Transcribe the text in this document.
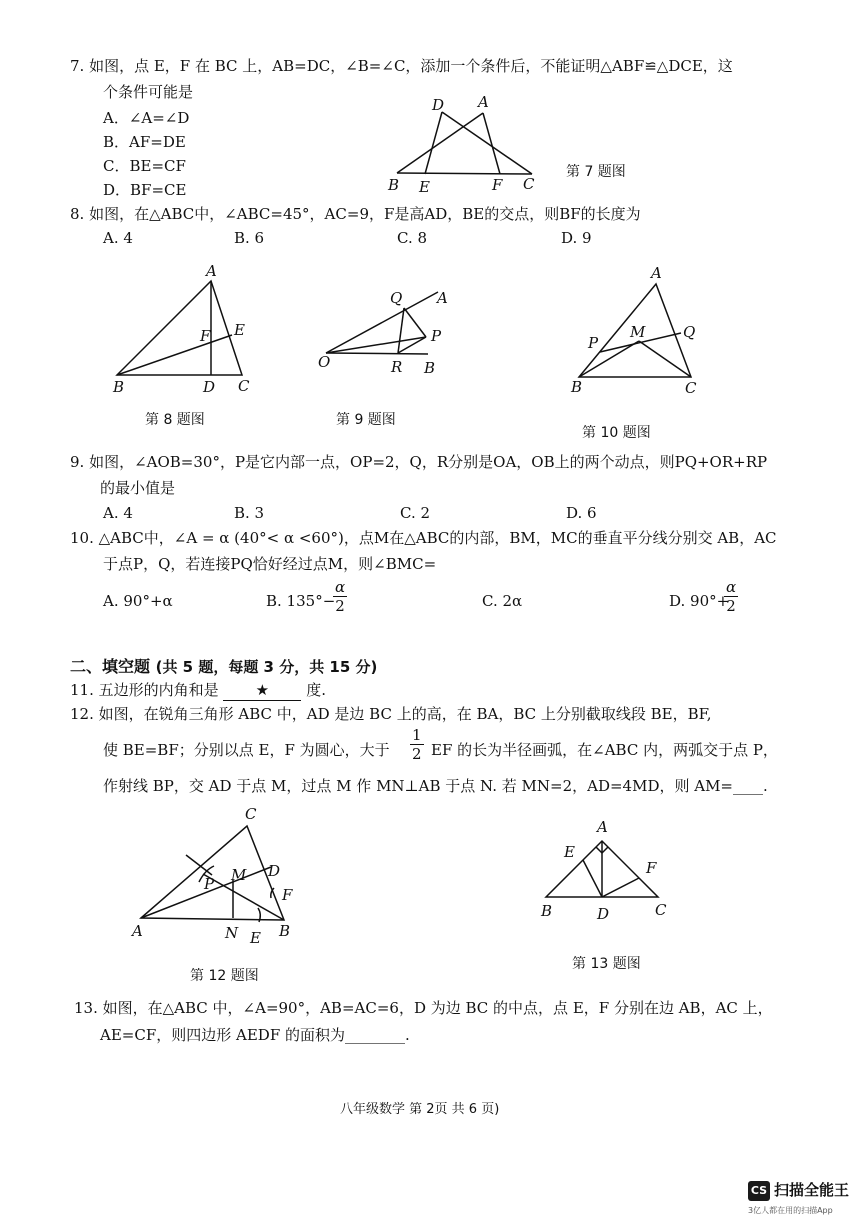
7. 如图，点 E，F 在 BC 上，AB=DC，∠B=∠C，添加一个条件后，不能证明△ABF≌△DCE，这
个条件可能是
A．∠A=∠D
B．AF=DE
C．BE=CF
D．BF=CE
D A
B E	F C
第 7 题图
8. 如图，在△ABC中，∠ABC=45°，AC=9，F是高AD，BE的交点，则BF的长度为
A. 4	B. 6	C. 8	D. 9
A
F E
B	D C
第 8 题图
Q A
P
O	R B
第 9 题图
A
P
M	Q
B	C
第 10 题图
9. 如图，∠AOB=30°，P是它内部一点，OP=2，Q，R分别是OA，OB上的两个动点，则PQ+OR+RP
的最小值是
A. 4	B. 3	C. 2	D. 6
10. △ABC中，∠A = α (40°< α <60°)，点M在△ABC的内部，BM，MC的垂直平分线分别交 AB，AC
于点P，Q，若连接PQ恰好经过点M，则∠BMC=
A. 90°+α	B. 135°−
$\frac{\alpha}{2}$	C. 2α	D. 90°+
$\frac{\alpha}{2}$
二、填空题 (共 5 题，每题 3 分，共 15 分)
11. 五边形的内角和是 ★ 度.
12. 如图，在锐角三角形 ABC 中，AD 是边 BC 上的高，在 BA，BC 上分别截取线段 BE，BF,
使 BE=BF；分别以点 E，F 为圆心，大于 $\frac{1}{2}$ EF 的长为半径画弧，在∠ABC 内，两弧交于点 P，
作射线 BP，交 AD 于点 M，过点 M 作 MN⊥AB 于点 N. 若 MN=2，AD=4MD，则 AM=____.
C
D
P M
F
A	N E B
第 12 题图
A
E
F
B	D	C
第 13 题图
13. 如图，在△ABC 中，∠A=90°，AB=AC=6，D 为边 BC 的中点，点 E，F 分别在边 AB，AC 上，
AE=CF，则四边形 AEDF 的面积为________.
八年级数学 第 2页 共 6 页)
CS 扫描全能王
3亿人都在用的扫描App
